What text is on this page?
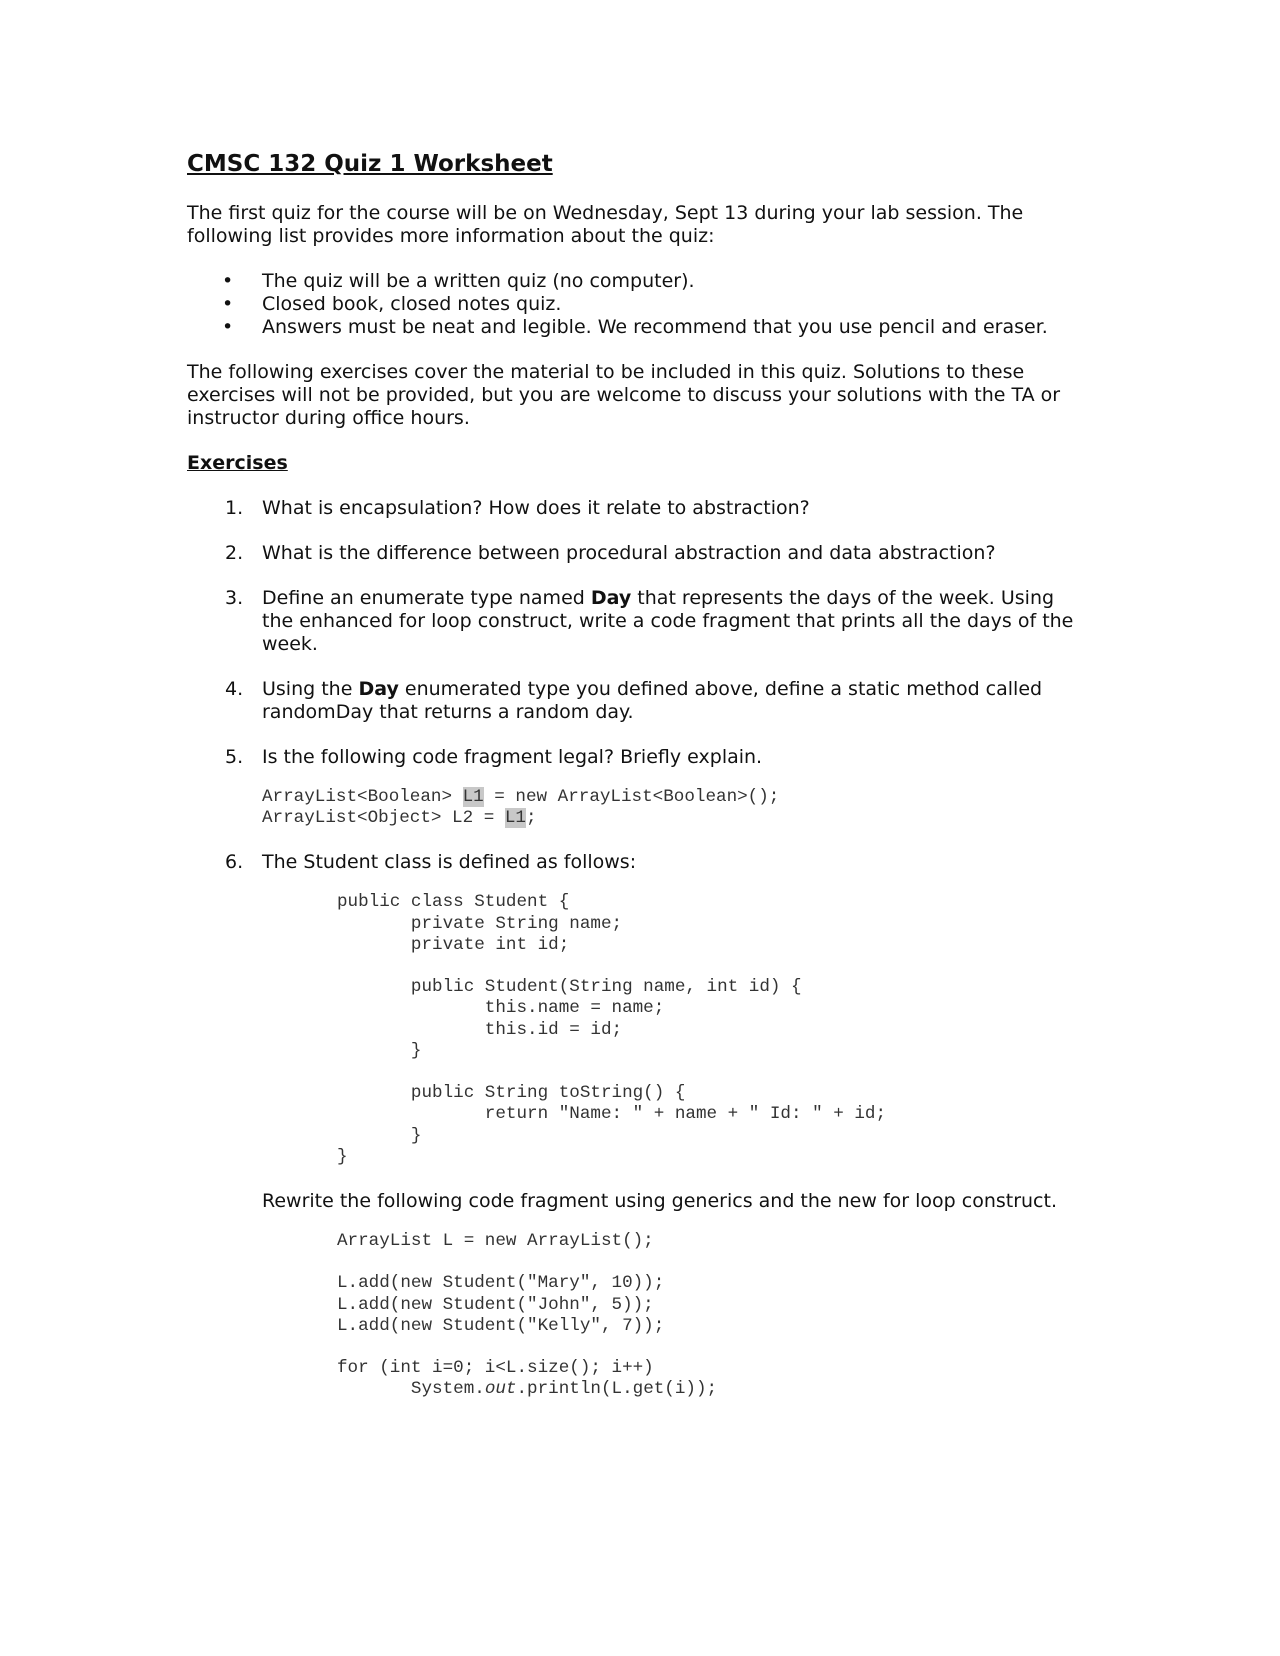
CMSC 132 Quiz 1 Worksheet
The first quiz for the course will be on Wednesday, Sept 13 during your lab session. The following list provides more information about the quiz:
• The quiz will be a written quiz (no computer).
• Closed book, closed notes quiz.
• Answers must be neat and legible. We recommend that you use pencil and eraser.
The following exercises cover the material to be included in this quiz. Solutions to these exercises will not be provided, but you are welcome to discuss your solutions with the TA or instructor during office hours.
Exercises
1. What is encapsulation? How does it relate to abstraction?
2. What is the difference between procedural abstraction and data abstraction?
3. Define an enumerate type named Day that represents the days of the week. Using the enhanced for loop construct, write a code fragment that prints all the days of the week.
4. Using the Day enumerated type you defined above, define a static method called randomDay that returns a random day.
5. Is the following code fragment legal? Briefly explain.
ArrayList<Boolean> L1 = new ArrayList<Boolean>();
ArrayList<Object> L2 = L1;
6. The Student class is defined as follows:
public class Student {
private String name;
private int id;

public Student(String name, int id) {
this.name = name;
this.id = id;
}

public String toString() {
return "Name: " + name + " Id: " + id;
}
}
Rewrite the following code fragment using generics and the new for loop construct.
ArrayList L = new ArrayList();

L.add(new Student("Mary", 10));
L.add(new Student("John", 5));
L.add(new Student("Kelly", 7));

for (int i=0; i<L.size(); i++)
System.out.println(L.get(i));
